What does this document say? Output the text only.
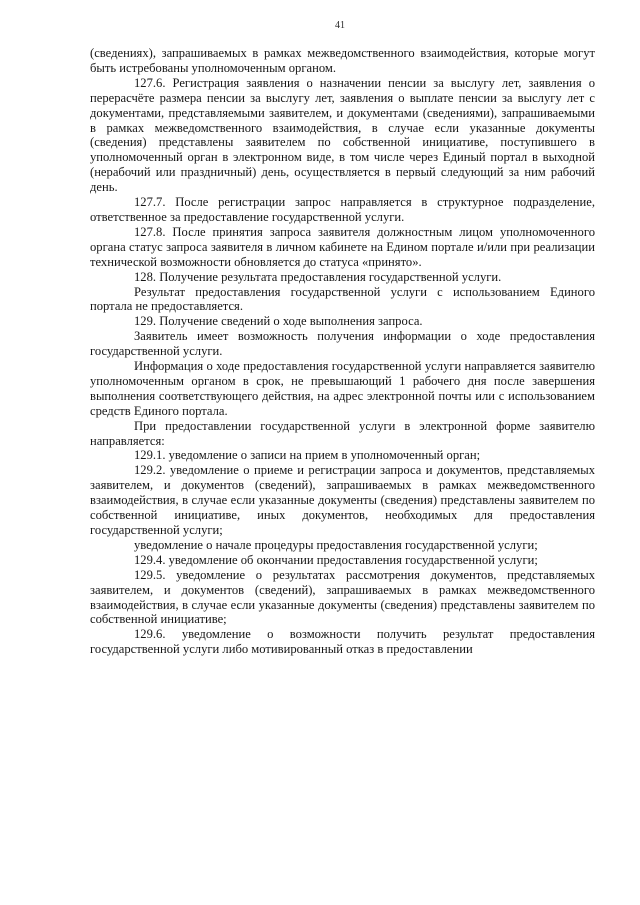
41

(сведениях), запрашиваемых в рамках межведомственного взаимодействия, которые могут быть истребованы уполномоченным органом.

127.6. Регистрация заявления о назначении пенсии за выслугу лет, заявления о перерасчёте размера пенсии за выслугу лет, заявления о выплате пенсии за выслугу лет с документами, представляемыми заявителем, и документами (сведениями), запрашиваемыми в рамках межведомственного взаимодействия, в случае если указанные документы (сведения) представлены заявителем по собственной инициативе, поступившего в уполномоченный орган в электронном виде, в том числе через Единый портал в выходной (нерабочий или праздничный) день, осуществляется в первый следующий за ним рабочий день.

127.7. После регистрации запрос направляется в структурное подразделение, ответственное за предоставление государственной услуги.

127.8. После принятия запроса заявителя должностным лицом уполномоченного органа статус запроса заявителя в личном кабинете на Едином портале и/или при реализации технической возможности обновляется до статуса «принято».

128. Получение результата предоставления государственной услуги.

Результат предоставления государственной услуги с использованием Единого портала не предоставляется.

129. Получение сведений о ходе выполнения запроса.

Заявитель имеет возможность получения информации о ходе предоставления государственной услуги.

Информация о ходе предоставления государственной услуги направляется заявителю уполномоченным органом в срок, не превышающий 1 рабочего дня после завершения выполнения соответствующего действия, на адрес электронной почты или с использованием средств Единого портала.

При предоставлении государственной услуги в электронной форме заявителю направляется:

129.1. уведомление о записи на прием в уполномоченный орган;

129.2. уведомление о приеме и регистрации запроса и документов, представляемых заявителем, и документов (сведений), запрашиваемых в рамках межведомственного взаимодействия, в случае если указанные документы (сведения) представлены заявителем по собственной инициативе, иных документов, необходимых для предоставления государственной услуги;

уведомление о начале процедуры предоставления государственной услуги;

129.4. уведомление об окончании предоставления государственной услуги;

129.5. уведомление о результатах рассмотрения документов, представляемых заявителем, и документов (сведений), запрашиваемых в рамках межведомственного взаимодействия, в случае если указанные документы (сведения) представлены заявителем по собственной инициативе;

129.6. уведомление о возможности получить результат предоставления государственной услуги либо мотивированный отказ в предоставлении
